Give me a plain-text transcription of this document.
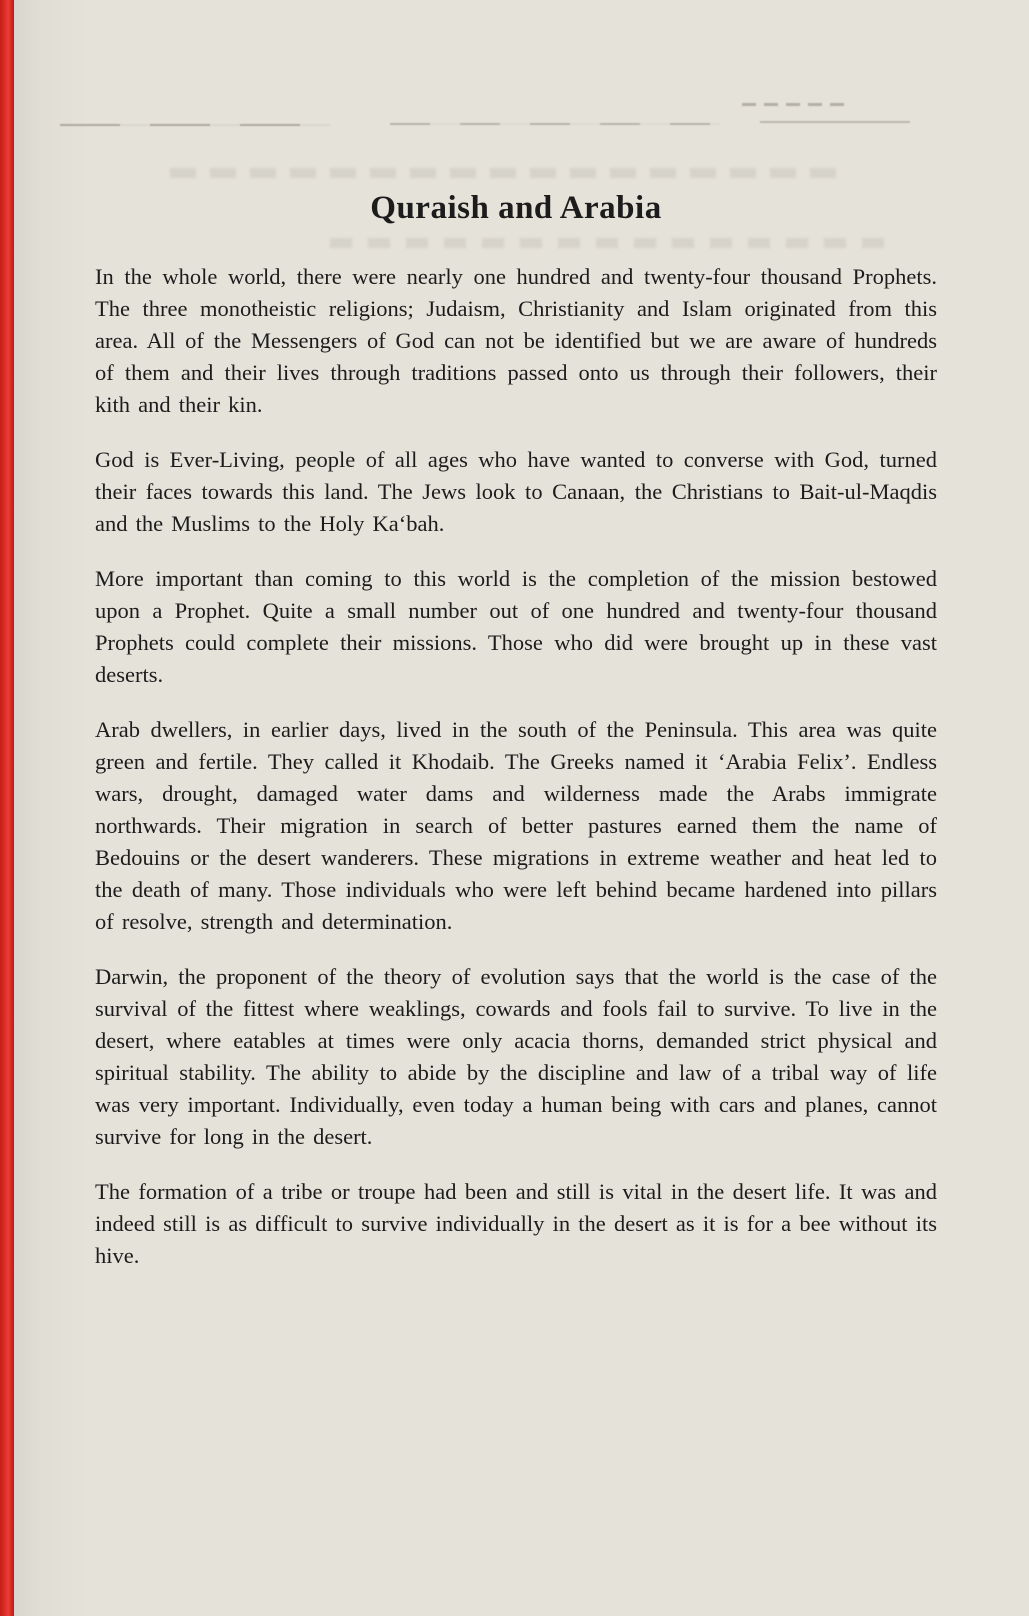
Quraish and Arabia

In the whole world, there were nearly one hundred and twenty-four thousand Prophets. The three monotheistic religions; Judaism, Christianity and Islam originated from this area. All of the Messengers of God can not be identified but we are aware of hundreds of them and their lives through traditions passed onto us through their followers, their kith and their kin.

God is Ever-Living, people of all ages who have wanted to converse with God, turned their faces towards this land. The Jews look to Canaan, the Christians to Bait-ul-Maqdis and the Muslims to the Holy Ka‘bah.

More important than coming to this world is the completion of the mission bestowed upon a Prophet. Quite a small number out of one hundred and twenty-four thousand Prophets could complete their missions. Those who did were brought up in these vast deserts.

Arab dwellers, in earlier days, lived in the south of the Peninsula. This area was quite green and fertile. They called it Khodaib. The Greeks named it ‘Arabia Felix’. Endless wars, drought, damaged water dams and wilderness made the Arabs immigrate northwards. Their migration in search of better pastures earned them the name of Bedouins or the desert wanderers. These migrations in extreme weather and heat led to the death of many. Those individuals who were left behind became hardened into pillars of resolve, strength and determination.

Darwin, the proponent of the theory of evolution says that the world is the case of the survival of the fittest where weaklings, cowards and fools fail to survive. To live in the desert, where eatables at times were only acacia thorns, demanded strict physical and spiritual stability. The ability to abide by the discipline and law of a tribal way of life was very important. Individually, even today a human being with cars and planes, cannot survive for long in the desert.

The formation of a tribe or troupe had been and still is vital in the desert life. It was and indeed still is as difficult to survive individually in the desert as it is for a bee without its hive.
